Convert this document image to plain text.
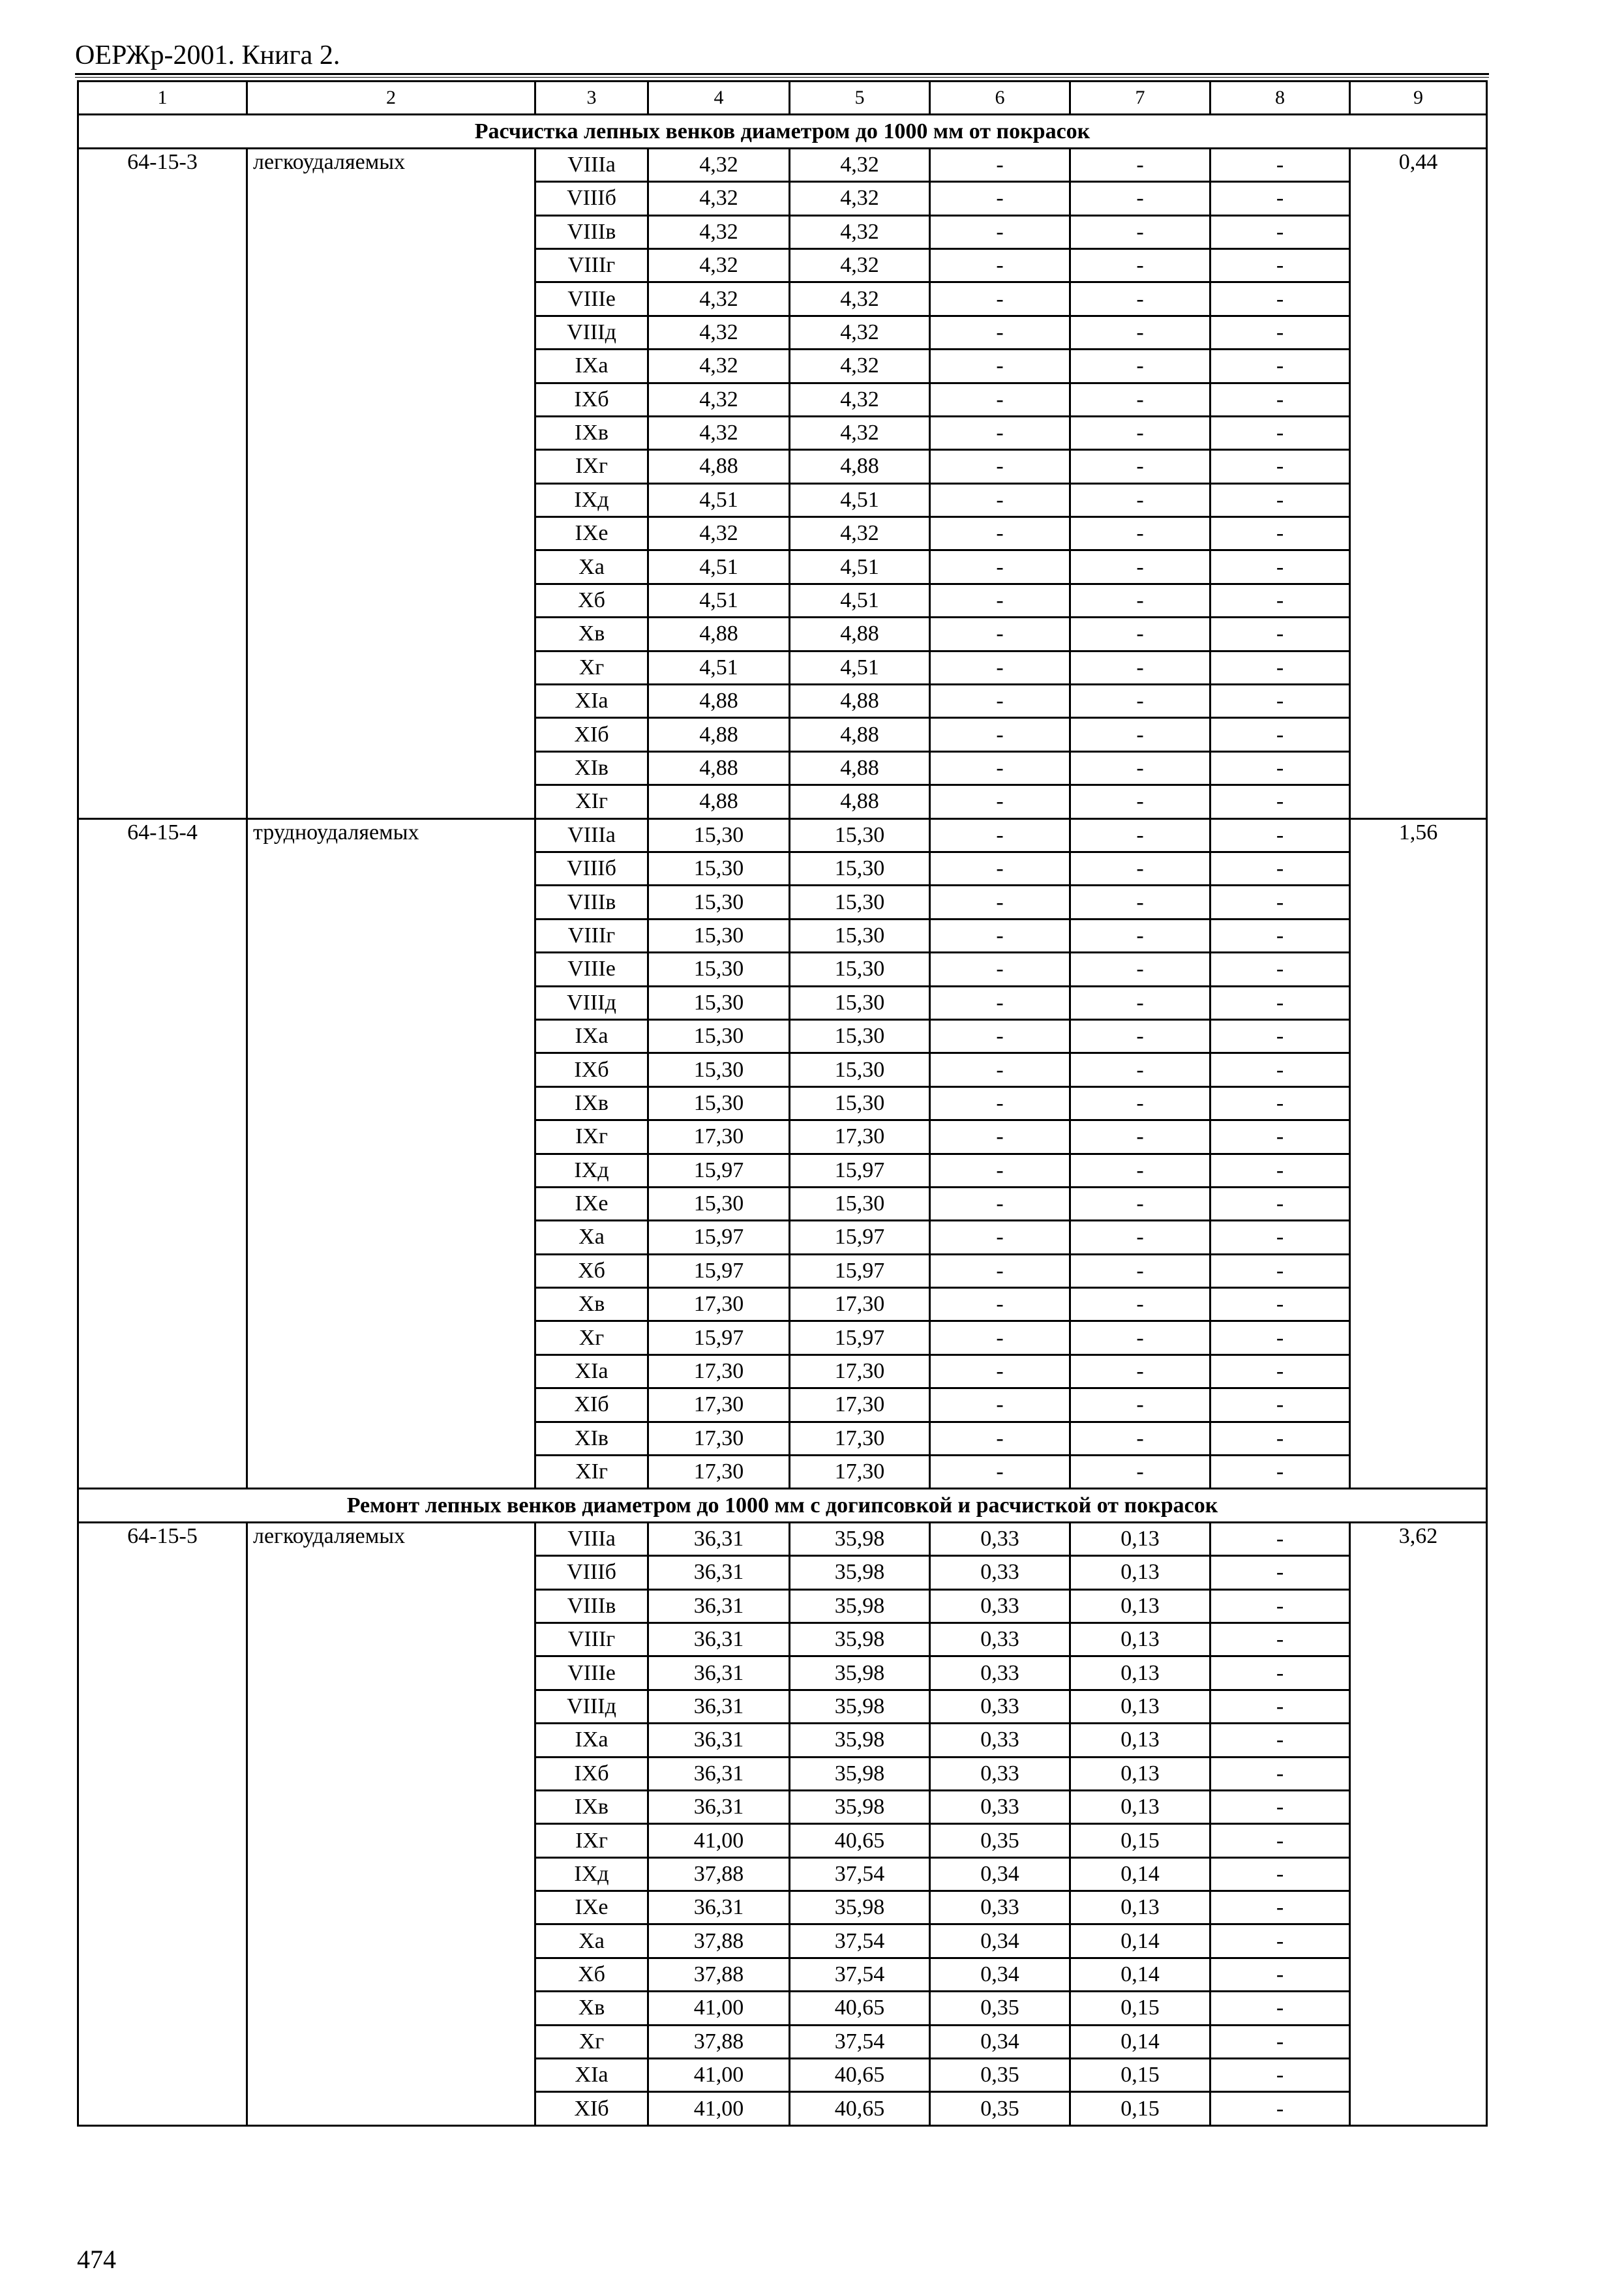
ОЕРЖр-2001. Книга 2.
1	2	3	4	5	6	7	8	9
Расчистка лепных венков диаметром до 1000 мм от покрасок								
64-15-3	легкоудаляемых	VIIIа	4,32	4,32	-	-	-	0,44
		VIIIб	4,32	4,32	-	-	-	
		VIIIв	4,32	4,32	-	-	-	
		VIIIг	4,32	4,32	-	-	-	
		VIIIе	4,32	4,32	-	-	-	
		VIIIд	4,32	4,32	-	-	-	
		IХа	4,32	4,32	-	-	-	
		IХб	4,32	4,32	-	-	-	
		IХв	4,32	4,32	-	-	-	
		IХг	4,88	4,88	-	-	-	
		IХд	4,51	4,51	-	-	-	
		IХе	4,32	4,32	-	-	-	
		Ха	4,51	4,51	-	-	-	
		Хб	4,51	4,51	-	-	-	
		Хв	4,88	4,88	-	-	-	
		Хг	4,51	4,51	-	-	-	
		XIа	4,88	4,88	-	-	-	
		XIб	4,88	4,88	-	-	-	
		XIв	4,88	4,88	-	-	-	
		XIг	4,88	4,88	-	-	-	
64-15-4	трудноудаляемых	VIIIа	15,30	15,30	-	-	-	1,56
		VIIIб	15,30	15,30	-	-	-	
		VIIIв	15,30	15,30	-	-	-	
		VIIIг	15,30	15,30	-	-	-	
		VIIIе	15,30	15,30	-	-	-	
		VIIIд	15,30	15,30	-	-	-	
		IХа	15,30	15,30	-	-	-	
		IХб	15,30	15,30	-	-	-	
		IХв	15,30	15,30	-	-	-	
		IХг	17,30	17,30	-	-	-	
		IХд	15,97	15,97	-	-	-	
		IХе	15,30	15,30	-	-	-	
		Ха	15,97	15,97	-	-	-	
		Хб	15,97	15,97	-	-	-	
		Хв	17,30	17,30	-	-	-	
		Хг	15,97	15,97	-	-	-	
		XIа	17,30	17,30	-	-	-	
		XIб	17,30	17,30	-	-	-	
		XIв	17,30	17,30	-	-	-	
		XIг	17,30	17,30	-	-	-	
Ремонт лепных венков диаметром до 1000 мм с догипсовкой и расчисткой от покрасок								
64-15-5	легкоудаляемых	VIIIа	36,31	35,98	0,33	0,13	-	3,62
		VIIIб	36,31	35,98	0,33	0,13	-	
		VIIIв	36,31	35,98	0,33	0,13	-	
		VIIIг	36,31	35,98	0,33	0,13	-	
		VIIIе	36,31	35,98	0,33	0,13	-	
		VIIIд	36,31	35,98	0,33	0,13	-	
		IХа	36,31	35,98	0,33	0,13	-	
		IХб	36,31	35,98	0,33	0,13	-	
		IХв	36,31	35,98	0,33	0,13	-	
		IХг	41,00	40,65	0,35	0,15	-	
		IХд	37,88	37,54	0,34	0,14	-	
		IХе	36,31	35,98	0,33	0,13	-	
		Ха	37,88	37,54	0,34	0,14	-	
		Хб	37,88	37,54	0,34	0,14	-	
		Хв	41,00	40,65	0,35	0,15	-	
		Хг	37,88	37,54	0,34	0,14	-	
		XIа	41,00	40,65	0,35	0,15	-	
		XIб	41,00	40,65	0,35	0,15	-	
474
